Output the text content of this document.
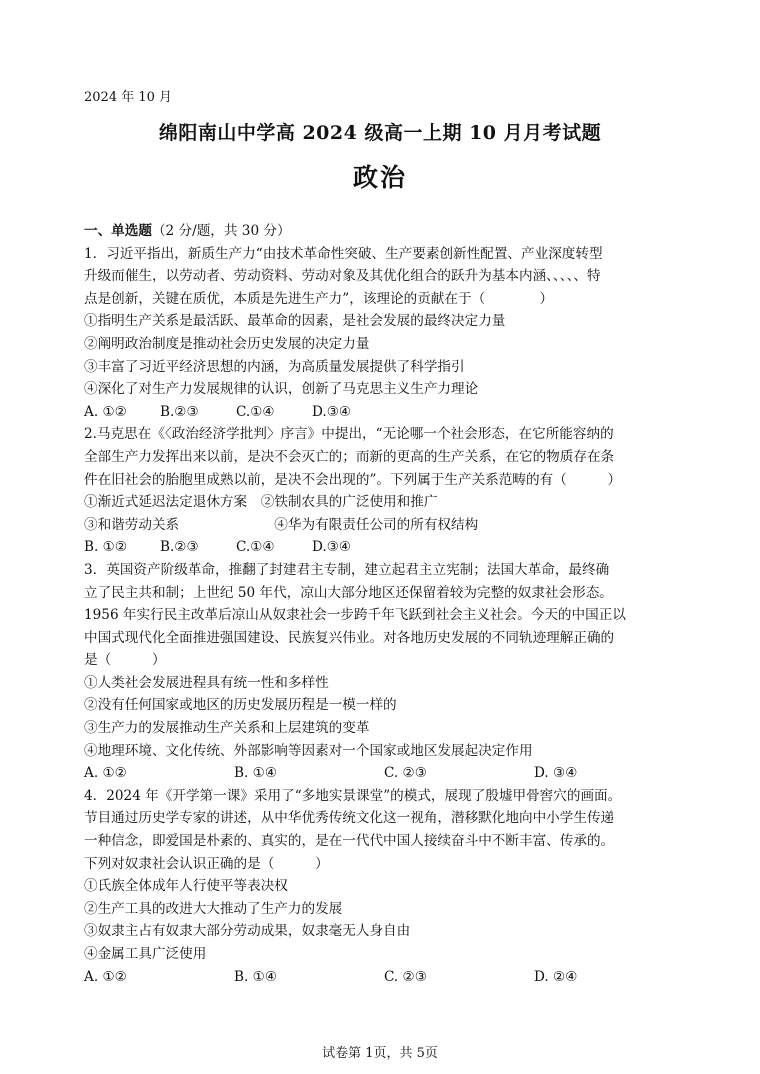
2024 年 10 月
绵阳南山中学高 2024 级高一上期 10 月月考试题
政治
一、单选题（2 分/题，共 30 分）
1．习近平指出，新质生产力“由技术革命性突破、生产要素创新性配置、产业深度转型
升级而催生，以劳动者、劳动资料、劳动对象及其优化组合的跃升为基本内涵、、、、、特
点是创新，关键在质优，本质是先进生产力”，该理论的贡献在于（　　　　）
①指明生产关系是最活跃、最革命的因素，是社会发展的最终决定力量
②阐明政治制度是推动社会历史发展的决定力量
③丰富了习近平经济思想的内涵，为高质量发展提供了科学指引
④深化了对生产力发展规律的认识，创新了马克思主义生产力理论
A. ①②	B.②③	C.①④	D.③④
2.马克思在《〈政治经济学批判〉序言》中提出，“无论哪一个社会形态，在它所能容纳的
全部生产力发挥出来以前，是决不会灭亡的；而新的更高的生产关系，在它的物质存在条
件在旧社会的胎胞里成熟以前，是决不会出现的”。下列属于生产关系范畴的有（　　　）
①渐近式延迟法定退休方案　②铁制农具的广泛使用和推广
③和谐劳动关系　　　　　　　④华为有限责任公司的所有权结构
B. ①②	B.②③	C.①④	D.③④
3．英国资产阶级革命，推翻了封建君主专制，建立起君主立宪制；法国大革命，最终确
立了民主共和制；上世纪 50 年代，凉山大部分地区还保留着较为完整的奴隶社会形态。
1956 年实行民主改革后凉山从奴隶社会一步跨千年飞跃到社会主义社会。今天的中国正以
中国式现代化全面推进强国建设、民族复兴伟业。对各地历史发展的不同轨迹理解正确的
是（　　　）
①人类社会发展进程具有统一性和多样性
②没有任何国家或地区的历史发展历程是一模一样的
③生产力的发展推动生产关系和上层建筑的变革
④地理环境、文化传统、外部影响等因素对一个国家或地区发展起决定作用
A. ①②	B. ①④	C. ②③	D. ③④
4．2024 年《开学第一课》采用了“多地实景课堂”的模式，展现了殷墟甲骨窖穴的画面。
节目通过历史学专家的讲述，从中华优秀传统文化这一视角，潜移默化地向中小学生传递
一种信念，即爱国是朴素的、真实的，是在一代代中国人接续奋斗中不断丰富、传承的。
下列对奴隶社会认识正确的是（　　　）
①氏族全体成年人行使平等表决权
②生产工具的改进大大推动了生产力的发展
③奴隶主占有奴隶大部分劳动成果，奴隶毫无人身自由
④金属工具广泛使用
A. ①②	B. ①④	C. ②③	D. ②④
试卷第 1页，共 5页
